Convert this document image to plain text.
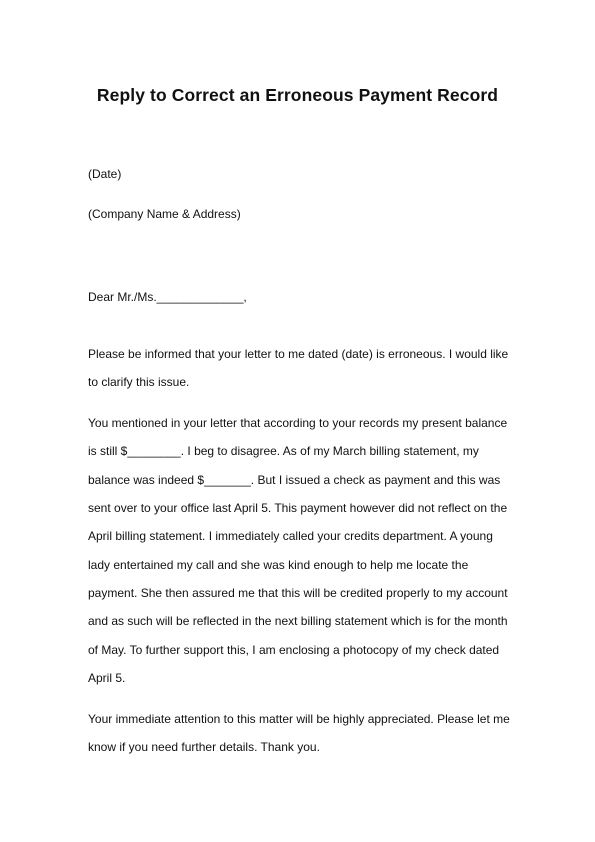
Reply to Correct an Erroneous Payment Record

(Date)

(Company Name & Address)

Dear Mr./Ms._____________,

Please be informed that your letter to me dated (date) is erroneous. I would like

to clarify this issue.

You mentioned in your letter that according to your records my present balance

is still $________. I beg to disagree. As of my March billing statement, my

balance was indeed $_______. But I issued a check as payment and this was

sent over to your office last April 5. This payment however did not reflect on the

April billing statement. I immediately called your credits department. A young

lady entertained my call and she was kind enough to help me locate the

payment. She then assured me that this will be credited properly to my account

and as such will be reflected in the next billing statement which is for the month

of May. To further support this, I am enclosing a photocopy of my check dated

April 5.

Your immediate attention to this matter will be highly appreciated. Please let me

know if you need further details. Thank you.
